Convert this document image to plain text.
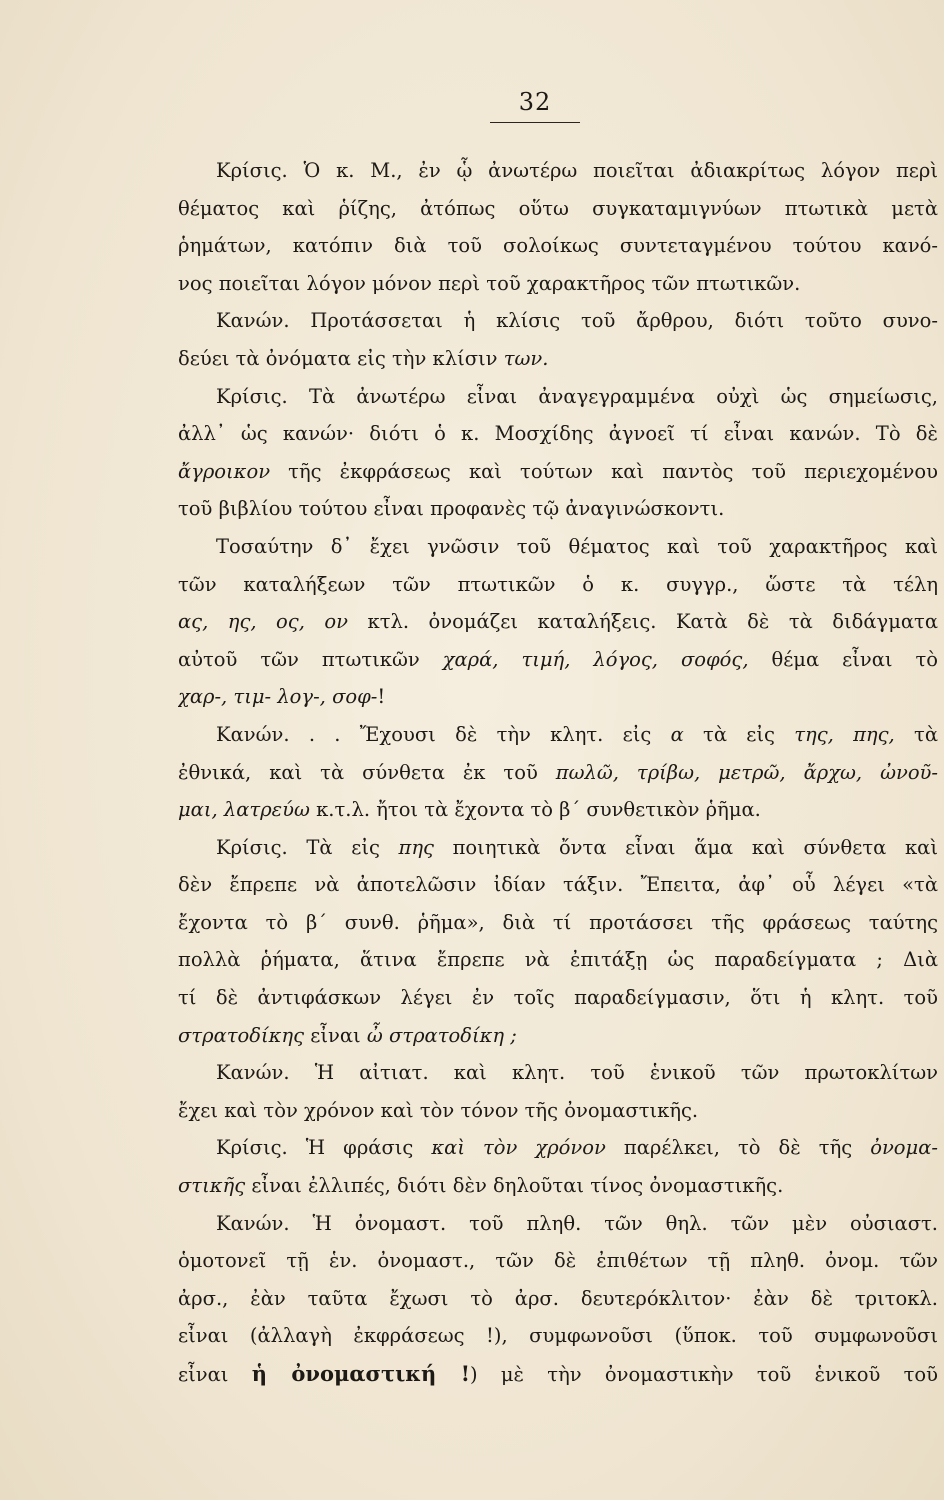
32
Κρίσις. Ὁ κ. Μ., ἐν ᾧ ἀνωτέρω ποιεῖται ἀδιακρίτως λόγον περὶ
θέματος καὶ ῥίζης, ἀτόπως οὕτω συγκαταμιγνύων πτωτικὰ μετὰ
ῥημάτων, κατόπιν διὰ τοῦ σολοίκως συντεταγμένου τούτου κανό-
νος ποιεῖται λόγον μόνον περὶ τοῦ χαρακτῆρος τῶν πτωτικῶν.
Κανών. Προτάσσεται ἡ κλίσις τοῦ ἄρθρου, διότι τοῦτο συνο-
δεύει τὰ ὀνόματα εἰς τὴν κλίσιν των.
Κρίσις. Τὰ ἀνωτέρω εἶναι ἀναγεγραμμένα οὐχὶ ὡς σημείωσις,
ἀλλ᾽ ὡς κανών· διότι ὁ κ. Μοσχίδης ἀγνοεῖ τί εἶναι κανών. Τὸ δὲ
ἄγροικον τῆς ἐκφράσεως καὶ τούτων καὶ παντὸς τοῦ περιεχομένου
τοῦ βιβλίου τούτου εἶναι προφανὲς τῷ ἀναγινώσκοντι.
Τοσαύτην δ᾽ ἔχει γνῶσιν τοῦ θέματος καὶ τοῦ χαρακτῆρος καὶ
τῶν καταλήξεων τῶν πτωτικῶν ὁ κ. συγγρ., ὥστε τὰ τέλη
ας, ης, ος, ον κτλ. ὀνομάζει καταλήξεις. Κατὰ δὲ τὰ διδάγματα
αὐτοῦ τῶν πτωτικῶν χαρά, τιμή, λόγος, σοφός, θέμα εἶναι τὸ
χαρ-, τιμ- λογ-, σοφ-!
Κανών. . . Ἔχουσι δὲ τὴν κλητ. εἰς α τὰ εἰς της, πης, τὰ
ἐθνικά, καὶ τὰ σύνθετα ἐκ τοῦ πωλῶ, τρίβω, μετρῶ, ἄρχω, ὠνοῦ-
μαι, λατρεύω κ.τ.λ. ἤτοι τὰ ἔχοντα τὸ β΄ συνθετικὸν ῥῆμα.
Κρίσις. Τὰ εἰς πης ποιητικὰ ὄντα εἶναι ἅμα καὶ σύνθετα καὶ
δὲν ἔπρεπε νὰ ἀποτελῶσιν ἰδίαν τάξιν. Ἔπειτα, ἀφ᾽ οὗ λέγει «τὰ
ἔχοντα τὸ β΄ συνθ. ῥῆμα», διὰ τί προτάσσει τῆς φράσεως ταύτης
πολλὰ ῥήματα, ἅτινα ἔπρεπε νὰ ἐπιτάξῃ ὡς παραδείγματα ; Διὰ
τί δὲ ἀντιφάσκων λέγει ἐν τοῖς παραδείγμασιν, ὅτι ἡ κλητ. τοῦ
στρατοδίκης εἶναι ὦ στρατοδίκη ;
Κανών. Ἡ αἰτιατ. καὶ κλητ. τοῦ ἑνικοῦ τῶν πρωτοκλίτων
ἔχει καὶ τὸν χρόνον καὶ τὸν τόνον τῆς ὀνομαστικῆς.
Κρίσις. Ἡ φράσις καὶ τὸν χρόνον παρέλκει, τὸ δὲ τῆς ὀνομα-
στικῆς εἶναι ἐλλιπές, διότι δὲν δηλοῦται τίνος ὀνομαστικῆς.
Κανών. Ἡ ὀνομαστ. τοῦ πληθ. τῶν θηλ. τῶν μὲν οὐσιαστ.
ὁμοτονεῖ τῇ ἑν. ὀνομαστ., τῶν δὲ ἐπιθέτων τῇ πληθ. ὀνομ. τῶν
ἀρσ., ἐὰν ταῦτα ἔχωσι τὸ ἀρσ. δευτερόκλιτον· ἐὰν δὲ τριτοκλ.
εἶναι (ἀλλαγὴ ἐκφράσεως !), συμφωνοῦσι (ὕποκ. τοῦ συμφωνοῦσι
εἶναι ἡ ὀνομαστική !) μὲ τὴν ὀνομαστικὴν τοῦ ἑνικοῦ τοῦ
